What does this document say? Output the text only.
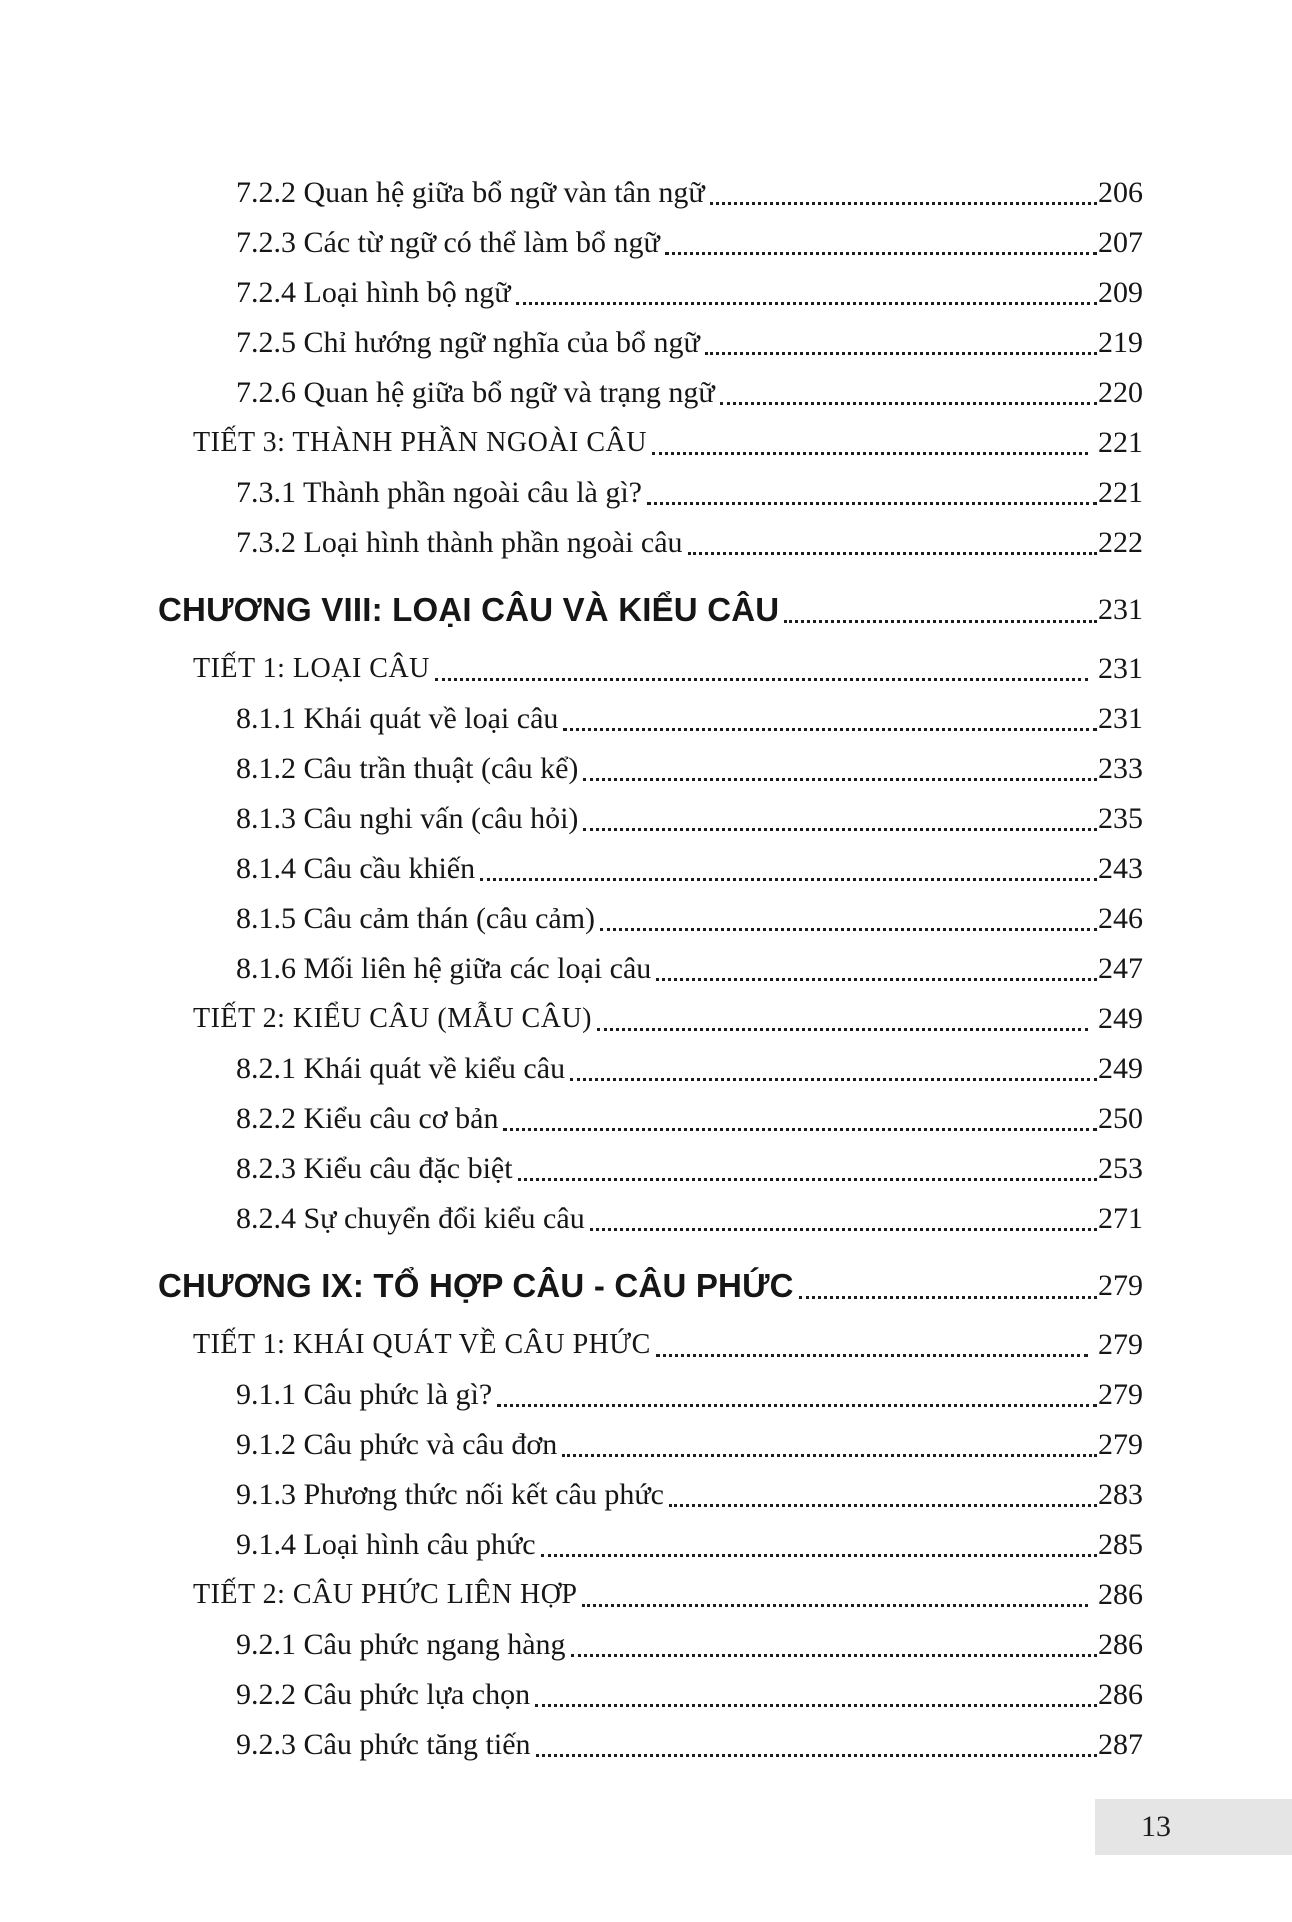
7.2.2 Quan hệ giữa bổ ngữ vàn tân ngữ	206
7.2.3 Các từ ngữ có thể làm bổ ngữ	207
7.2.4 Loại hình bộ ngữ	209
7.2.5 Chỉ hướng ngữ nghĩa của bổ ngữ	219
7.2.6 Quan hệ giữa bổ ngữ và trạng ngữ	220
TIẾT 3: THÀNH PHẦN NGOÀI CÂU	221
7.3.1 Thành phần ngoài câu là gì?	221
7.3.2 Loại hình thành phần ngoài câu	222
CHƯƠNG VIII: LOẠI CÂU VÀ KIỂU CÂU	231
TIẾT 1: LOẠI CÂU	231
8.1.1 Khái quát về loại câu	231
8.1.2 Câu trần thuật (câu kể)	233
8.1.3 Câu nghi vấn (câu hỏi)	235
8.1.4 Câu cầu khiến	243
8.1.5 Câu cảm thán (câu cảm)	246
8.1.6 Mối liên hệ giữa các loại câu	247
TIẾT 2: KIỂU CÂU (MẪU CÂU)	249
8.2.1 Khái quát về kiểu câu	249
8.2.2 Kiểu câu cơ bản	250
8.2.3 Kiểu câu đặc biệt	253
8.2.4 Sự chuyển đổi kiểu câu	271
CHƯƠNG IX: TỔ HỢP CÂU - CÂU PHỨC	279
TIẾT 1: KHÁI QUÁT VỀ CÂU PHỨC	279
9.1.1 Câu phức là gì?	279
9.1.2 Câu phức và câu đơn	279
9.1.3 Phương thức nối kết câu phức	283
9.1.4 Loại hình câu phức	285
TIẾT 2: CÂU PHỨC LIÊN HỢP	286
9.2.1 Câu phức ngang hàng	286
9.2.2 Câu phức lựa chọn	286
9.2.3 Câu phức tăng tiến	287
13
